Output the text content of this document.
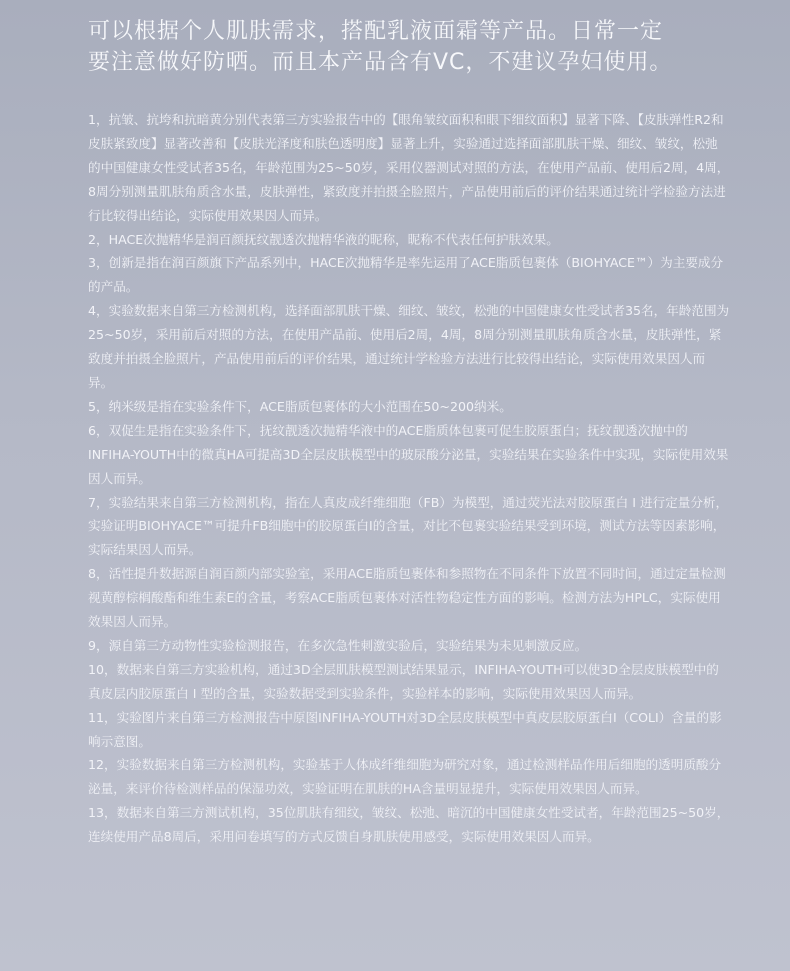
可以根据个人肌肤需求，搭配乳液面霜等产品。日常一定

要注意做好防晒。而且本产品含有VC，不建议孕妇使用。

1，抗皱、抗垮和抗暗黄分别代表第三方实验报告中的【眼角皱纹面积和眼下细纹面积】显著下降、【皮肤弹性R2和皮肤紧致度】显著改善和【皮肤光泽度和肤色透明度】显著上升，实验通过选择面部肌肤干燥、细纹、皱纹，松弛的中国健康女性受试者35名，年龄范围为25~50岁，采用仪器测试对照的方法，在使用产品前、使用后2周，4周，8周分别测量肌肤角质含水量，皮肤弹性，紧致度并拍摄全脸照片，产品使用前后的评价结果通过统计学检验方法进行比较得出结论，实际使用效果因人而异。

2，HACE次抛精华是润百颜抚纹靓透次抛精华液的昵称，昵称不代表任何护肤效果。

3，创新是指在润百颜旗下产品系列中，HACE次抛精华是率先运用了ACE脂质包裹体（BIOHYACE™）为主要成分的产品。

4，实验数据来自第三方检测机构，选择面部肌肤干燥、细纹、皱纹，松弛的中国健康女性受试者35名，年龄范围为25~50岁，采用前后对照的方法，在使用产品前、使用后2周，4周，8周分别测量肌肤角质含水量，皮肤弹性，紧致度并拍摄全脸照片，产品使用前后的评价结果，通过统计学检验方法进行比较得出结论，实际使用效果因人而异。

5，纳米级是指在实验条件下，ACE脂质包裹体的大小范围在50~200纳米。

6，双促生是指在实验条件下，抚纹靓透次抛精华液中的ACE脂质体包裹可促生胶原蛋白；抚纹靓透次抛中的INFIHA-YOUTH中的微真HA可提高3D全层皮肤模型中的玻尿酸分泌量，实验结果在实验条件中实现，实际使用效果因人而异。

7，实验结果来自第三方检测机构，指在人真皮成纤维细胞（FB）为模型，通过荧光法对胶原蛋白 I 进行定量分析，实验证明BIOHYACE™可提升FB细胞中的胶原蛋白I的含量，对比不包裹实验结果受到环境，测试方法等因素影响，实际结果因人而异。

8，活性提升数据源自润百颜内部实验室，采用ACE脂质包裹体和参照物在不同条件下放置不同时间，通过定量检测视黄醇棕榈酸酯和维生素E的含量，考察ACE脂质包裹体对活性物稳定性方面的影响。检测方法为HPLC，实际使用效果因人而异。

9，源自第三方动物性实验检测报告，在多次急性刺激实验后，实验结果为未见刺激反应。

10，数据来自第三方实验机构，通过3D全层肌肤模型测试结果显示，INFIHA-YOUTH可以使3D全层皮肤模型中的真皮层内胶原蛋白 I 型的含量，实验数据受到实验条件，实验样本的影响，实际使用效果因人而异。

11，实验图片来自第三方检测报告中原图INFIHA-YOUTH对3D全层皮肤模型中真皮层胶原蛋白I（COLI）含量的影响示意图。

12，实验数据来自第三方检测机构，实验基于人体成纤维细胞为研究对象，通过检测样品作用后细胞的透明质酸分泌量，来评价待检测样品的保湿功效，实验证明在肌肤的HA含量明显提升，实际使用效果因人而异。

13，数据来自第三方测试机构，35位肌肤有细纹，皱纹、松弛、暗沉的中国健康女性受试者，年龄范围25~50岁，连续使用产品8周后，采用问卷填写的方式反馈自身肌肤使用感受，实际使用效果因人而异。
